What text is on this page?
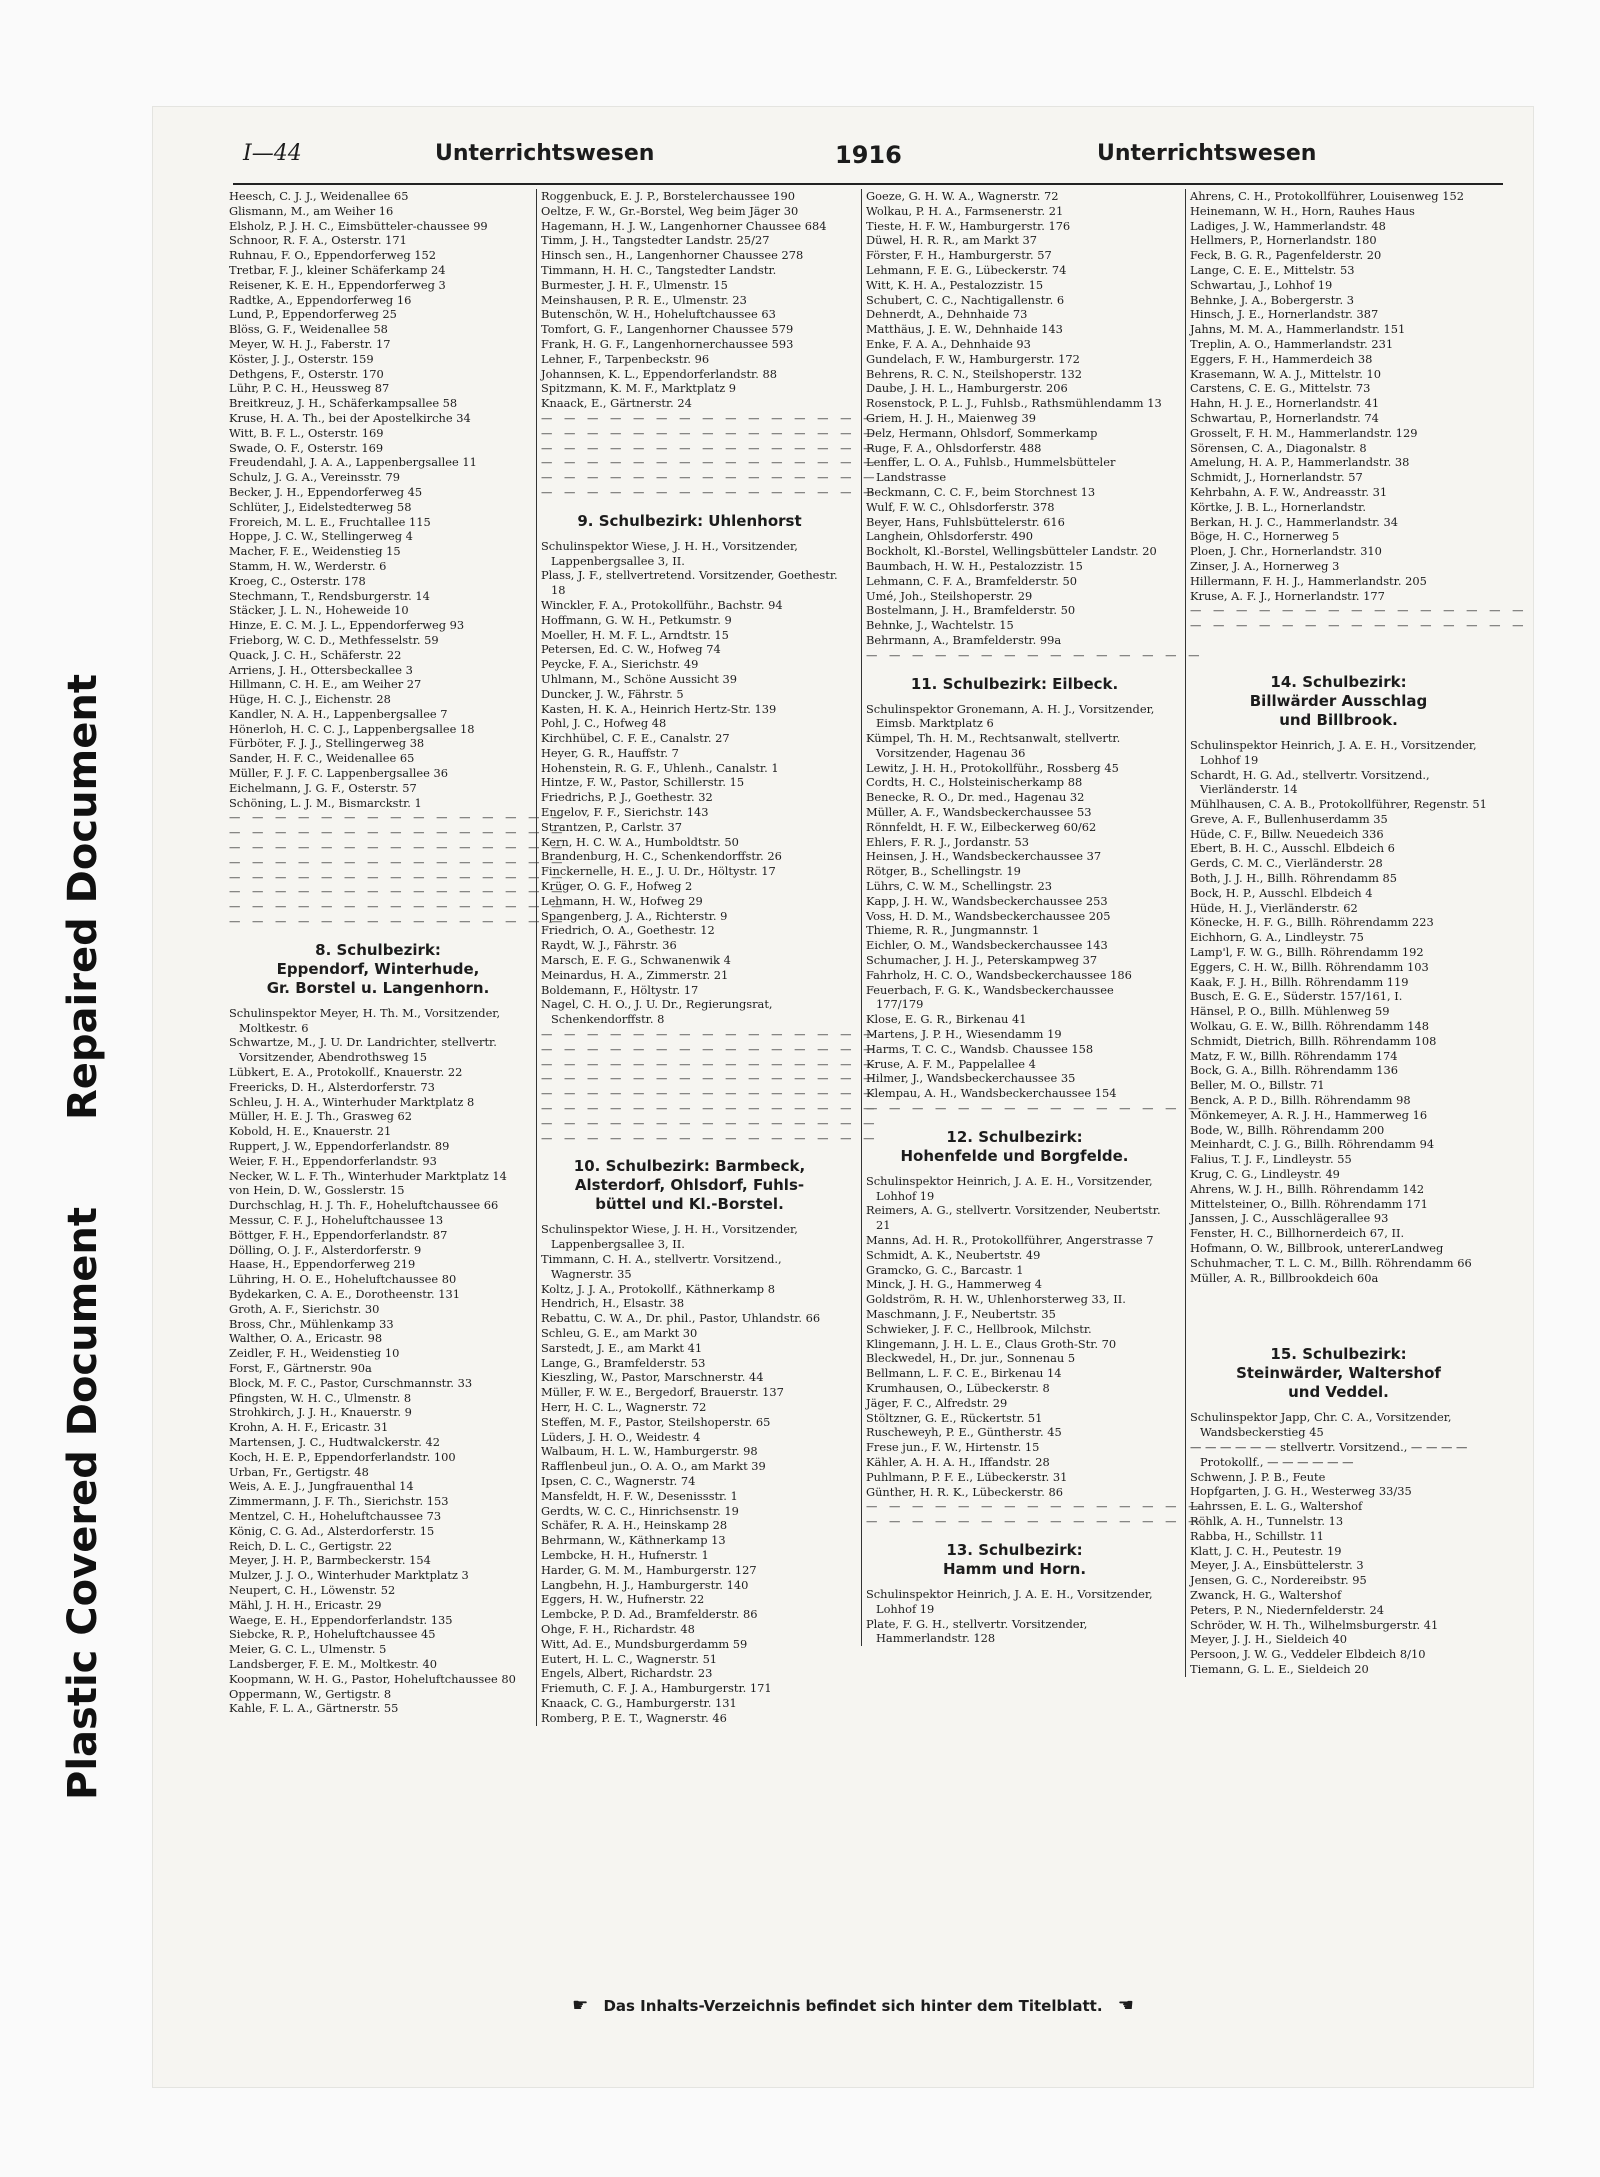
Repaired Document
Plastic Covered Document
I—44	Unterrichtswesen	1916	Unterrichtswesen
Heesch, C. J. J., Weidenallee 65
Glismann, M., am Weiher 16
Elsholz, P. J. H. C., Eimsbütteler-chaussee 99
Schnoor, R. F. A., Osterstr. 171
Ruhnau, F. O., Eppendorferweg 152
Tretbar, F. J., kleiner Schäferkamp 24
Reisener, K. E. H., Eppendorferweg 3
Radtke, A., Eppendorferweg 16
Lund, P., Eppendorferweg 25
Blöss, G. F., Weidenallee 58
Meyer, W. H. J., Faberstr. 17
Köster, J. J., Osterstr. 159
Dethgens, F., Osterstr. 170
Lühr, P. C. H., Heussweg 87
Breitkreuz, J. H., Schäferkampsallee 58
Kruse, H. A. Th., bei der Apostelkirche 34
Witt, B. F. L., Osterstr. 169
Swade, O. F., Osterstr. 169
Freudendahl, J. A. A., Lappenbergsallee 11
Schulz, J. G. A., Vereinsstr. 79
Becker, J. H., Eppendorferweg 45
Schlüter, J., Eidelstedterweg 58
Froreich, M. L. E., Fruchtallee 115
Hoppe, J. C. W., Stellingerweg 4
Macher, F. E., Weidenstieg 15
Stamm, H. W., Werderstr. 6
Kroeg, C., Osterstr. 178
Stechmann, T., Rendsburgerstr. 14
Stäcker, J. L. N., Hoheweide 10
Hinze, E. C. M. J. L., Eppendorferweg 93
Frieborg, W. C. D., Methfesselstr. 59
Quack, J. C. H., Schäferstr. 22
Arriens, J. H., Ottersbeckallee 3
Hillmann, C. H. E., am Weiher 27
Hüge, H. C. J., Eichenstr. 28
Kandler, N. A. H., Lappenbergsallee 7
Hönerloh, H. C. C. J., Lappenbergsallee 18
Fürböter, F. J. J., Stellingerweg 38
Sander, H. F. C., Weidenallee 65
Müller, F. J. F. C. Lappenbergsallee 36
Eichelmann, J. G. F., Osterstr. 57
Schöning, L. J. M., Bismarckstr. 1
— — — — — — — — — — — — — — —
— — — — — — — — — — — — — — —
— — — — — — — — — — — — — — —
— — — — — — — — — — — — — — —
— — — — — — — — — — — — — — —
— — — — — — — — — — — — — — —
— — — — — — — — — — — — — — —
— — — — — — — — — — — — — — —
8. Schulbezirk:
Eppendorf, Winterhude,
Gr. Borstel u. Langenhorn.
Schulinspektor Meyer, H. Th. M., Vorsitzender, Moltkestr. 6
Schwartze, M., J. U. Dr. Landrichter, stellvertr. Vorsitzender, Abendrothsweg 15
Lübkert, E. A., Protokollf., Knauerstr. 22
Freericks, D. H., Alsterdorferstr. 73
Schleu, J. H. A., Winterhuder Marktplatz 8
Müller, H. E. J. Th., Grasweg 62
Kobold, H. E., Knauerstr. 21
Ruppert, J. W., Eppendorferlandstr. 89
Weier, F. H., Eppendorferlandstr. 93
Necker, W. L. F. Th., Winterhuder Marktplatz 14
von Hein, D. W., Gosslerstr. 15
Durchschlag, H. J. Th. F., Hoheluftchaussee 66
Messur, C. F. J., Hoheluftchaussee 13
Böttger, F. H., Eppendorferlandstr. 87
Dölling, O. J. F., Alsterdorferstr. 9
Haase, H., Eppendorferweg 219
Lühring, H. O. E., Hoheluftchaussee 80
Bydekarken, C. A. E., Dorotheenstr. 131
Groth, A. F., Sierichstr. 30
Bross, Chr., Mühlenkamp 33
Walther, O. A., Ericastr. 98
Zeidler, F. H., Weidenstieg 10
Forst, F., Gärtnerstr. 90a
Block, M. F. C., Pastor, Curschmannstr. 33
Pfingsten, W. H. C., Ulmenstr. 8
Strohkirch, J. J. H., Knauerstr. 9
Krohn, A. H. F., Ericastr. 31
Martensen, J. C., Hudtwalckerstr. 42
Koch, H. E. P., Eppendorferlandstr. 100
Urban, Fr., Gertigstr. 48
Weis, A. E. J., Jungfrauenthal 14
Zimmermann, J. F. Th., Sierichstr. 153
Mentzel, C. H., Hoheluftchaussee 73
König, C. G. Ad., Alsterdorferstr. 15
Reich, D. L. C., Gertigstr. 22
Meyer, J. H. P., Barmbeckerstr. 154
Mulzer, J. J. O., Winterhuder Marktplatz 3
Neupert, C. H., Löwenstr. 52
Mähl, J. H. H., Ericastr. 29
Waege, E. H., Eppendorferlandstr. 135
Siebcke, R. P., Hoheluftchaussee 45
Meier, G. C. L., Ulmenstr. 5
Landsberger, F. E. M., Moltkestr. 40
Koopmann, W. H. G., Pastor, Hoheluftchaussee 80
Oppermann, W., Gertigstr. 8
Kahle, F. L. A., Gärtnerstr. 55
Roggenbuck, E. J. P., Borstelerchaussee 190
Oeltze, F. W., Gr.-Borstel, Weg beim Jäger 30
Hagemann, H. J. W., Langenhorner Chaussee 684
Timm, J. H., Tangstedter Landstr. 25/27
Hinsch sen., H., Langenhorner Chaussee 278
Timmann, H. H. C., Tangstedter Landstr.
Burmester, J. H. F., Ulmenstr. 15
Meinshausen, P. R. E., Ulmenstr. 23
Butenschön, W. H., Hoheluftchaussee 63
Tomfort, G. F., Langenhorner Chaussee 579
Frank, H. G. F., Langenhornerchaussee 593
Lehner, F., Tarpenbeckstr. 96
Johannsen, K. L., Eppendorferlandstr. 88
Spitzmann, K. M. F., Marktplatz 9
Knaack, E., Gärtnerstr. 24
— — — — — — — — — — — — — — —
— — — — — — — — — — — — — — —
— — — — — — — — — — — — — — —
— — — — — — — — — — — — — — —
— — — — — — — — — — — — — — —
— — — — — — — — — — — — — — —
9. Schulbezirk: Uhlenhorst
Schulinspektor Wiese, J. H. H., Vorsitzender, Lappenbergsallee 3, II.
Plass, J. F., stellvertretend. Vorsitzender, Goethestr. 18
Winckler, F. A., Protokollführ., Bachstr. 94
Hoffmann, G. W. H., Petkumstr. 9
Moeller, H. M. F. L., Arndtstr. 15
Petersen, Ed. C. W., Hofweg 74
Peycke, F. A., Sierichstr. 49
Uhlmann, M., Schöne Aussicht 39
Duncker, J. W., Fährstr. 5
Kasten, H. K. A., Heinrich Hertz-Str. 139
Pohl, J. C., Hofweg 48
Kirchhübel, C. F. E., Canalstr. 27
Heyer, G. R., Hauffstr. 7
Hohenstein, R. G. F., Uhlenh., Canalstr. 1
Hintze, F. W., Pastor, Schillerstr. 15
Friedrichs, P. J., Goethestr. 32
Engelov, F. F., Sierichstr. 143
Strantzen, P., Carlstr. 37
Kern, H. C. W. A., Humboldtstr. 50
Brandenburg, H. C., Schenkendorffstr. 26
Finckernelle, H. E., J. U. Dr., Höltystr. 17
Krüger, O. G. F., Hofweg 2
Lehmann, H. W., Hofweg 29
Spangenberg, J. A., Richterstr. 9
Friedrich, O. A., Goethestr. 12
Raydt, W. J., Fährstr. 36
Marsch, E. F. G., Schwanenwik 4
Meinardus, H. A., Zimmerstr. 21
Boldemann, F., Höltystr. 17
Nagel, C. H. O., J. U. Dr., Regierungsrat, Schenkendorffstr. 8
— — — — — — — — — — — — — — —
— — — — — — — — — — — — — — —
— — — — — — — — — — — — — — —
— — — — — — — — — — — — — — —
— — — — — — — — — — — — — — —
— — — — — — — — — — — — — — —
— — — — — — — — — — — — — — —
— — — — — — — — — — — — — — —
10. Schulbezirk: Barmbeck,
Alsterdorf, Ohlsdorf, Fuhls-
büttel und Kl.-Borstel.
Schulinspektor Wiese, J. H. H., Vorsitzender, Lappenbergsallee 3, II.
Timmann, C. H. A., stellvertr. Vorsitzend., Wagnerstr. 35
Koltz, J. J. A., Protokollf., Käthnerkamp 8
Hendrich, H., Elsastr. 38
Rebattu, C. W. A., Dr. phil., Pastor, Uhlandstr. 66
Schleu, G. E., am Markt 30
Sarstedt, J. E., am Markt 41
Lange, G., Bramfelderstr. 53
Kieszling, W., Pastor, Marschnerstr. 44
Müller, F. W. E., Bergedorf, Brauerstr. 137
Herr, H. C. L., Wagnerstr. 72
Steffen, M. F., Pastor, Steilshoperstr. 65
Lüders, J. H. O., Weidestr. 4
Walbaum, H. L. W., Hamburgerstr. 98
Rafflenbeul jun., O. A. O., am Markt 39
Ipsen, C. C., Wagnerstr. 74
Mansfeldt, H. F. W., Desenissstr. 1
Gerdts, W. C. C., Hinrichsenstr. 19
Schäfer, R. A. H., Heinskamp 28
Behrmann, W., Käthnerkamp 13
Lembcke, H. H., Hufnerstr. 1
Harder, G. M. M., Hamburgerstr. 127
Langbehn, H. J., Hamburgerstr. 140
Eggers, H. W., Hufnerstr. 22
Lembcke, P. D. Ad., Bramfelderstr. 86
Ohge, F. H., Richardstr. 48
Witt, Ad. E., Mundsburgerdamm 59
Eutert, H. L. C., Wagnerstr. 51
Engels, Albert, Richardstr. 23
Friemuth, C. F. J. A., Hamburgerstr. 171
Knaack, C. G., Hamburgerstr. 131
Romberg, P. E. T., Wagnerstr. 46
Goeze, G. H. W. A., Wagnerstr. 72
Wolkau, P. H. A., Farmsenerstr. 21
Tieste, H. F. W., Hamburgerstr. 176
Düwel, H. R. R., am Markt 37
Förster, F. H., Hamburgerstr. 57
Lehmann, F. E. G., Lübeckerstr. 74
Witt, K. H. A., Pestalozzistr. 15
Schubert, C. C., Nachtigallenstr. 6
Dehnerdt, A., Dehnhaide 73
Matthäus, J. E. W., Dehnhaide 143
Enke, F. A. A., Dehnhaide 93
Gundelach, F. W., Hamburgerstr. 172
Behrens, R. C. N., Steilshoperstr. 132
Daube, J. H. L., Hamburgerstr. 206
Rosenstock, P. L. J., Fuhlsb., Rathsmühlendamm 13
Griem, H. J. H., Maienweg 39
Delz, Hermann, Ohlsdorf, Sommerkamp
Ruge, F. A., Ohlsdorferstr. 488
Lenffer, L. O. A., Fuhlsb., Hummelsbütteler Landstrasse
Beckmann, C. C. F., beim Storchnest 13
Wulf, F. W. C., Ohlsdorferstr. 378
Beyer, Hans, Fuhlsbüttelerstr. 616
Langhein, Ohlsdorferstr. 490
Bockholt, Kl.-Borstel, Wellingsbütteler Landstr. 20
Baumbach, H. W. H., Pestalozzistr. 15
Lehmann, C. F. A., Bramfelderstr. 50
Umé, Joh., Steilshoperstr. 29
Bostelmann, J. H., Bramfelderstr. 50
Behnke, J., Wachtelstr. 15
Behrmann, A., Bramfelderstr. 99a
— — — — — — — — — — — — — — —
11. Schulbezirk: Eilbeck.
Schulinspektor Gronemann, A. H. J., Vorsitzender, Eimsb. Marktplatz 6
Kümpel, Th. H. M., Rechtsanwalt, stellvertr. Vorsitzender, Hagenau 36
Lewitz, J. H. H., Protokollführ., Rossberg 45
Cordts, H. C., Holsteinischerkamp 88
Benecke, R. O., Dr. med., Hagenau 32
Müller, A. F., Wandsbeckerchaussee 53
Rönnfeldt, H. F. W., Eilbeckerweg 60/62
Ehlers, F. R. J., Jordanstr. 53
Heinsen, J. H., Wandsbeckerchaussee 37
Rötger, B., Schellingstr. 19
Lührs, C. W. M., Schellingstr. 23
Kapp, J. H. W., Wandsbeckerchaussee 253
Voss, H. D. M., Wandsbeckerchaussee 205
Thieme, R. R., Jungmannstr. 1
Eichler, O. M., Wandsbeckerchaussee 143
Schumacher, J. H. J., Peterskampweg 37
Fahrholz, H. C. O., Wandsbeckerchaussee 186
Feuerbach, F. G. K., Wandsbeckerchaussee 177/179
Klose, E. G. R., Birkenau 41
Martens, J. P. H., Wiesendamm 19
Harms, T. C. C., Wandsb. Chaussee 158
Kruse, A. F. M., Pappelallee 4
Hilmer, J., Wandsbeckerchaussee 35
Klempau, A. H., Wandsbeckerchaussee 154
— — — — — — — — — — — — — — —
12. Schulbezirk:
Hohenfelde und Borgfelde.
Schulinspektor Heinrich, J. A. E. H., Vorsitzender, Lohhof 19
Reimers, A. G., stellvertr. Vorsitzender, Neubertstr. 21
Manns, Ad. H. R., Protokollführer, Angerstrasse 7
Schmidt, A. K., Neubertstr. 49
Gramcko, G. C., Barcastr. 1
Minck, J. H. G., Hammerweg 4
Goldström, R. H. W., Uhlenhorsterweg 33, II.
Maschmann, J. F., Neubertstr. 35
Schwieker, J. F. C., Hellbrook, Milchstr.
Klingemann, J. H. L. E., Claus Groth-Str. 70
Bleckwedel, H., Dr. jur., Sonnenau 5
Bellmann, L. F. C. E., Birkenau 14
Krumhausen, O., Lübeckerstr. 8
Jäger, F. C., Alfredstr. 29
Stöltzner, G. E., Rückertstr. 51
Ruscheweyh, P. E., Güntherstr. 45
Frese jun., F. W., Hirtenstr. 15
Kähler, A. H. A. H., Iffandstr. 28
Puhlmann, P. F. E., Lübeckerstr. 31
Günther, H. R. K., Lübeckerstr. 86
— — — — — — — — — — — — — — —
— — — — — — — — — — — — — — —
13. Schulbezirk:
Hamm und Horn.
Schulinspektor Heinrich, J. A. E. H., Vorsitzender, Lohhof 19
Plate, F. G. H., stellvertr. Vorsitzender, Hammerlandstr. 128
Ahrens, C. H., Protokollführer, Louisenweg 152
Heinemann, W. H., Horn, Rauhes Haus
Ladiges, J. W., Hammerlandstr. 48
Hellmers, P., Hornerlandstr. 180
Feck, B. G. R., Pagenfelderstr. 20
Lange, C. E. E., Mittelstr. 53
Schwartau, J., Lohhof 19
Behnke, J. A., Bobergerstr. 3
Hinsch, J. E., Hornerlandstr. 387
Jahns, M. M. A., Hammerlandstr. 151
Treplin, A. O., Hammerlandstr. 231
Eggers, F. H., Hammerdeich 38
Krasemann, W. A. J., Mittelstr. 10
Carstens, C. E. G., Mittelstr. 73
Hahn, H. J. E., Hornerlandstr. 41
Schwartau, P., Hornerlandstr. 74
Grosselt, F. H. M., Hammerlandstr. 129
Sörensen, C. A., Diagonalstr. 8
Amelung, H. A. P., Hammerlandstr. 38
Schmidt, J., Hornerlandstr. 57
Kehrbahn, A. F. W., Andreasstr. 31
Körtke, J. B. L., Hornerlandstr.
Berkan, H. J. C., Hammerlandstr. 34
Böge, H. C., Hornerweg 5
Ploen, J. Chr., Hornerlandstr. 310
Zinser, J. A., Hornerweg 3
Hillermann, F. H. J., Hammerlandstr. 205
Kruse, A. F. J., Hornerlandstr. 177
— — — — — — — — — — — — — — —
— — — — — — — — — — — — — — —
14. Schulbezirk:
Billwärder Ausschlag
und Billbrook.
Schulinspektor Heinrich, J. A. E. H., Vorsitzender, Lohhof 19
Schardt, H. G. Ad., stellvertr. Vorsitzend., Vierländerstr. 14
Mühlhausen, C. A. B., Protokollführer, Regenstr. 51
Greve, A. F., Bullenhuserdamm 35
Hüde, C. F., Billw. Neuedeich 336
Ebert, B. H. C., Ausschl. Elbdeich 6
Gerds, C. M. C., Vierländerstr. 28
Both, J. J. H., Billh. Röhrendamm 85
Bock, H. P., Ausschl. Elbdeich 4
Hüde, H. J., Vierländerstr. 62
Könecke, H. F. G., Billh. Röhrendamm 223
Eichhorn, G. A., Lindleystr. 75
Lamp'l, F. W. G., Billh. Röhrendamm 192
Eggers, C. H. W., Billh. Röhrendamm 103
Kaak, F. J. H., Billh. Röhrendamm 119
Busch, E. G. E., Süderstr. 157/161, I.
Hänsel, P. O., Billh. Mühlenweg 59
Wolkau, G. E. W., Billh. Röhrendamm 148
Schmidt, Dietrich, Billh. Röhrendamm 108
Matz, F. W., Billh. Röhrendamm 174
Bock, G. A., Billh. Röhrendamm 136
Beller, M. O., Billstr. 71
Benck, A. P. D., Billh. Röhrendamm 98
Mönkemeyer, A. R. J. H., Hammerweg 16
Bode, W., Billh. Röhrendamm 200
Meinhardt, C. J. G., Billh. Röhrendamm 94
Falius, T. J. F., Lindleystr. 55
Krug, C. G., Lindleystr. 49
Ahrens, W. J. H., Billh. Röhrendamm 142
Mittelsteiner, O., Billh. Röhrendamm 171
Janssen, J. C., Ausschlägerallee 93
Fenster, H. C., Billhornerdeich 67, II.
Hofmann, O. W., Billbrook, untererLandweg
Schuhmacher, T. L. C. M., Billh. Röhrendamm 66
Müller, A. R., Billbrookdeich 60a
15. Schulbezirk:
Steinwärder, Waltershof
und Veddel.
Schulinspektor Japp, Chr. C. A., Vorsitzender, Wandsbeckerstieg 45
— — — — — — stellvertr. Vorsitzend., — — — — Protokollf., — — — — — —
Schwenn, J. P. B., Feute
Hopfgarten, J. G. H., Westerweg 33/35
Lahrssen, E. L. G., Waltershof
Röhlk, A. H., Tunnelstr. 13
Rabba, H., Schillstr. 11
Klatt, J. C. H., Peutestr. 19
Meyer, J. A., Einsbüttelerstr. 3
Jensen, G. C., Nordereibstr. 95
Zwanck, H. G., Waltershof
Peters, P. N., Niedernfelderstr. 24
Schröder, W. H. Th., Wilhelmsburgerstr. 41
Meyer, J. J. H., Sieldeich 40
Persoon, J. W. G., Veddeler Elbdeich 8/10
Tiemann, G. L. E., Sieldeich 20
☛ Das Inhalts-Verzeichnis befindet sich hinter dem Titelblatt. ☚
